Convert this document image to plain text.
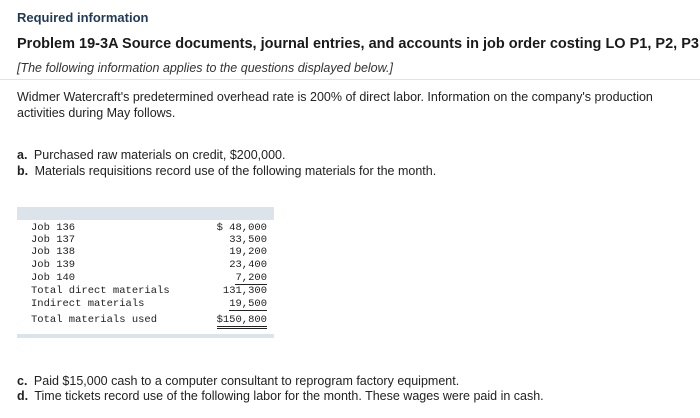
Required information
Problem 19-3A Source documents, journal entries, and accounts in job order costing LO P1, P2, P3
[The following information applies to the questions displayed below.]
Widmer Watercraft's predetermined overhead rate is 200% of direct labor. Information on the company's production activities during May follows.
a. Purchased raw materials on credit, $200,000.
b. Materials requisitions record use of the following materials for the month.
Job 136	$ 48,000
Job 137	33,500
Job 138	19,200
Job 139	23,400
Job 140	7,200
Total direct materials	131,300
Indirect materials	19,500
Total materials used	$150,800
c. Paid $15,000 cash to a computer consultant to reprogram factory equipment.
d. Time tickets record use of the following labor for the month. These wages were paid in cash.
